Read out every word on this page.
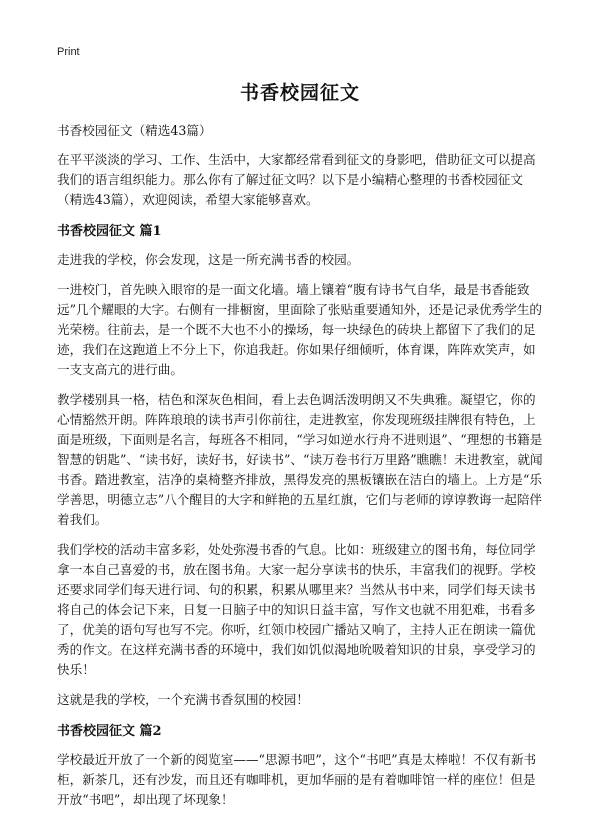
Print
书香校园征文

书香校园征文（精选43篇）

在平平淡淡的学习、工作、生活中，大家都经常看到征文的身影吧，借助征文可以提高我们的语言组织能力。那么你有了解过征文吗？以下是小编精心整理的书香校园征文（精选43篇），欢迎阅读，希望大家能够喜欢。

书香校园征文 篇1

走进我的学校，你会发现，这是一所充满书香的校园。

一进校门，首先映入眼帘的是一面文化墙。墙上镶着“腹有诗书气自华，最是书香能致远”几个耀眼的大字。右侧有一排橱窗，里面除了张贴重要通知外，还是记录优秀学生的光荣榜。往前去，是一个既不大也不小的操场，每一块绿色的砖块上都留下了我们的足迹，我们在这跑道上不分上下，你追我赶。你如果仔细倾听，体育课，阵阵欢笑声，如一支支高亢的进行曲。

教学楼别具一格，桔色和深灰色相间，看上去色调活泼明朗又不失典雅。凝望它，你的心情豁然开朗。阵阵琅琅的读书声引你前往，走进教室，你发现班级挂牌很有特色，上面是班级，下面则是名言，每班各不相同，“学习如逆水行舟不进则退”、“理想的书籍是智慧的钥匙”、“读书好，读好书，好读书”、“读万卷书行万里路”瞧瞧！未进教室，就闻书香。踏进教室，洁净的桌椅整齐排放，黑得发亮的黑板镶嵌在洁白的墙上。上方是“乐学善思，明德立志”八个醒目的大字和鲜艳的五星红旗，它们与老师的谆谆教诲一起陪伴着我们。

我们学校的活动丰富多彩，处处弥漫书香的气息。比如：班级建立的图书角，每位同学拿一本自己喜爱的书，放在图书角。大家一起分享读书的快乐，丰富我们的视野。学校还要求同学们每天进行词、句的积累，积累从哪里来？当然从书中来，同学们每天读书将自己的体会记下来，日复一日脑子中的知识日益丰富，写作文也就不用犯难，书看多了，优美的语句写也写不完。你听，红领巾校园广播站又响了，主持人正在朗读一篇优秀的作文。在这样充满书香的环境中，我们如饥似渴地吮吸着知识的甘泉，享受学习的快乐！

这就是我的学校，一个充满书香氛围的校园！

书香校园征文 篇2

学校最近开放了一个新的阅览室——“思源书吧”，这个“书吧”真是太棒啦！不仅有新书柜，新茶几，还有沙发，而且还有咖啡机，更加华丽的是有着咖啡馆一样的座位！但是开放“书吧”，却出现了坏现象！
